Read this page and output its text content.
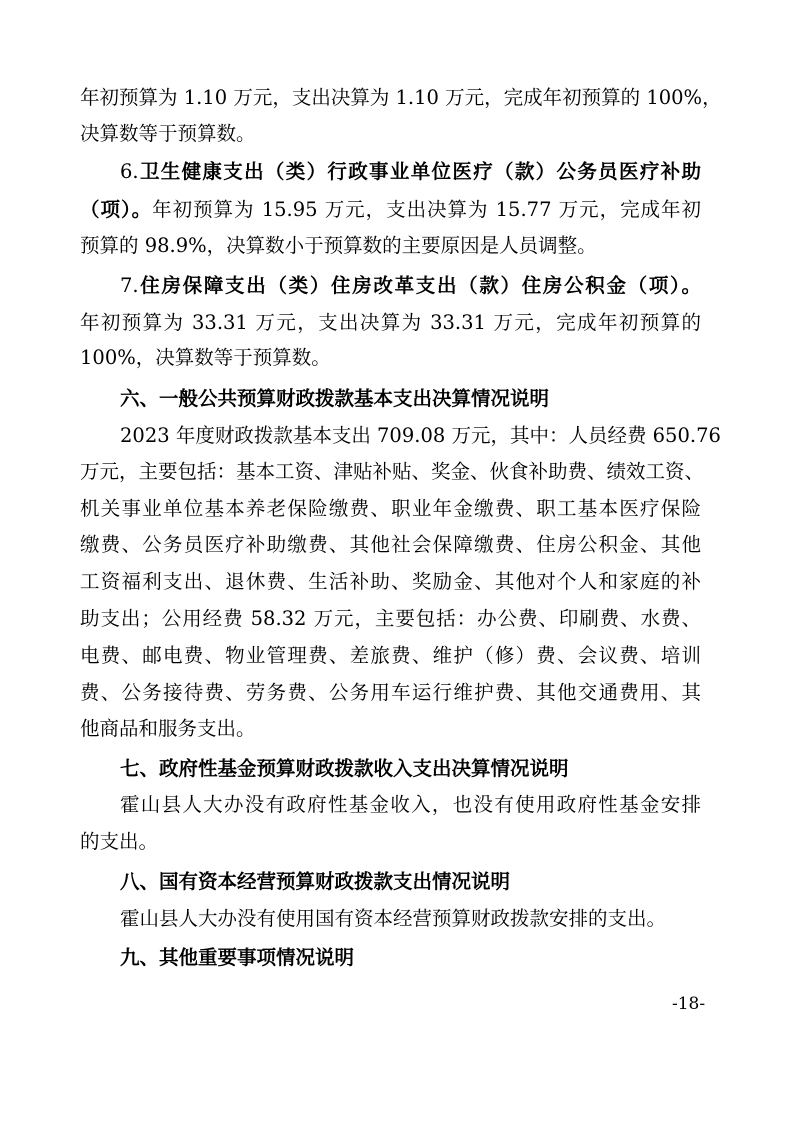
年初预算为 1.10 万元，支出决算为 1.10 万元，完成年初预算的 100%，
决算数等于预算数。
6.卫生健康支出（类）行政事业单位医疗（款）公务员医疗补助
（项）。年初预算为 15.95 万元，支出决算为 15.77 万元，完成年初
预算的 98.9%，决算数小于预算数的主要原因是人员调整。
7.住房保障支出（类）住房改革支出（款）住房公积金（项）。
年初预算为 33.31 万元，支出决算为 33.31 万元，完成年初预算的
100%，决算数等于预算数。
六、一般公共预算财政拨款基本支出决算情况说明
2023 年度财政拨款基本支出 709.08 万元，其中：人员经费 650.76
万元，主要包括：基本工资、津贴补贴、奖金、伙食补助费、绩效工资、
机关事业单位基本养老保险缴费、职业年金缴费、职工基本医疗保险
缴费、公务员医疗补助缴费、其他社会保障缴费、住房公积金、其他
工资福利支出、退休费、生活补助、奖励金、其他对个人和家庭的补
助支出；公用经费 58.32 万元，主要包括：办公费、印刷费、水费、
电费、邮电费、物业管理费、差旅费、维护（修）费、会议费、培训
费、公务接待费、劳务费、公务用车运行维护费、其他交通费用、其
他商品和服务支出。
七、政府性基金预算财政拨款收入支出决算情况说明
霍山县人大办没有政府性基金收入，也没有使用政府性基金安排
的支出。
八、国有资本经营预算财政拨款支出情况说明
霍山县人大办没有使用国有资本经营预算财政拨款安排的支出。
九、其他重要事项情况说明
-18-
